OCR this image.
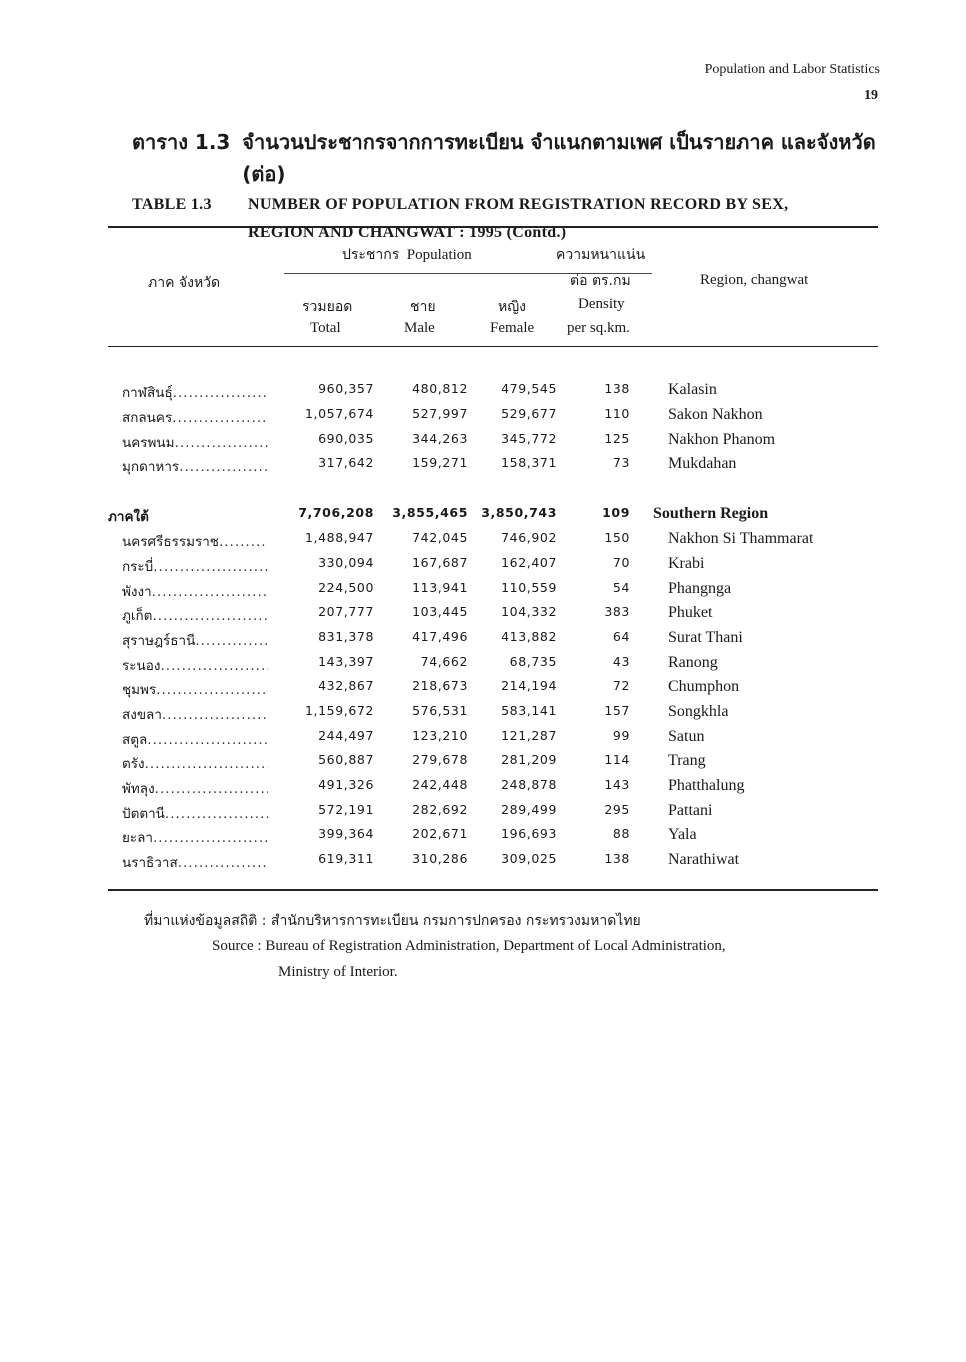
Population and Labor Statistics
19
ตาราง 1.3 จำนวนประชากรจากการทะเบียน จำแนกตามเพศ เป็นรายภาค และจังหวัด (ต่อ)
TABLE 1.3	NUMBER OF POPULATION FROM REGISTRATION RECORD BY SEX,
REGION AND CHANGWAT : 1995 (Contd.)
ภาค จังหวัด
ประชากร Population	ความหนาแน่น
ต่อ ตร.กม
Density
per sq.km.
รวมยอด
Total
ชาย
Male
หญิง
Female
Region, changwat
กาฬสินธุ์ .....	960,357	480,812	479,545	138 Kalasin
สกลนคร .....	1,057,674	527,997	529,677	110 Sakon Nakhon
นครพนม .....	690,035	344,263	345,772	125 Nakhon Phanom
มุกดาหาร .....	317,642	159,271	158,371	73 Mukdahan
ภาคใต้	7,706,208	3,855,465	3,850,743	109 Southern Region
นครศรีธรรมราช .....	1,488,947	742,045	746,902	150 Nakhon Si Thammarat
กระบี่ .....	330,094	167,687	162,407	70 Krabi
พังงา .....	224,500	113,941	110,559	54 Phangnga
ภูเก็ต .....	207,777	103,445	104,332	383 Phuket
สุราษฎร์ธานี .....	831,378	417,496	413,882	64 Surat Thani
ระนอง .....	143,397	74,662	68,735	43 Ranong
ชุมพร .....	432,867	218,673	214,194	72 Chumphon
สงขลา .....	1,159,672	576,531	583,141	157 Songkhla
สตูล .....	244,497	123,210	121,287	99 Satun
ตรัง .....	560,887	279,678	281,209	114 Trang
พัทลุง .....	491,326	242,448	248,878	143 Phatthalung
ปัตตานี .....	572,191	282,692	289,499	295 Pattani
ยะลา .....	399,364	202,671	196,693	88 Yala
นราธิวาส .....	619,311	310,286	309,025	138 Narathiwat
ที่มาแห่งข้อมูลสถิติ : สำนักบริหารการทะเบียน กรมการปกครอง กระทรวงมหาดไทย
Source : Bureau of Registration Administration, Department of Local Administration,
Ministry of Interior.
